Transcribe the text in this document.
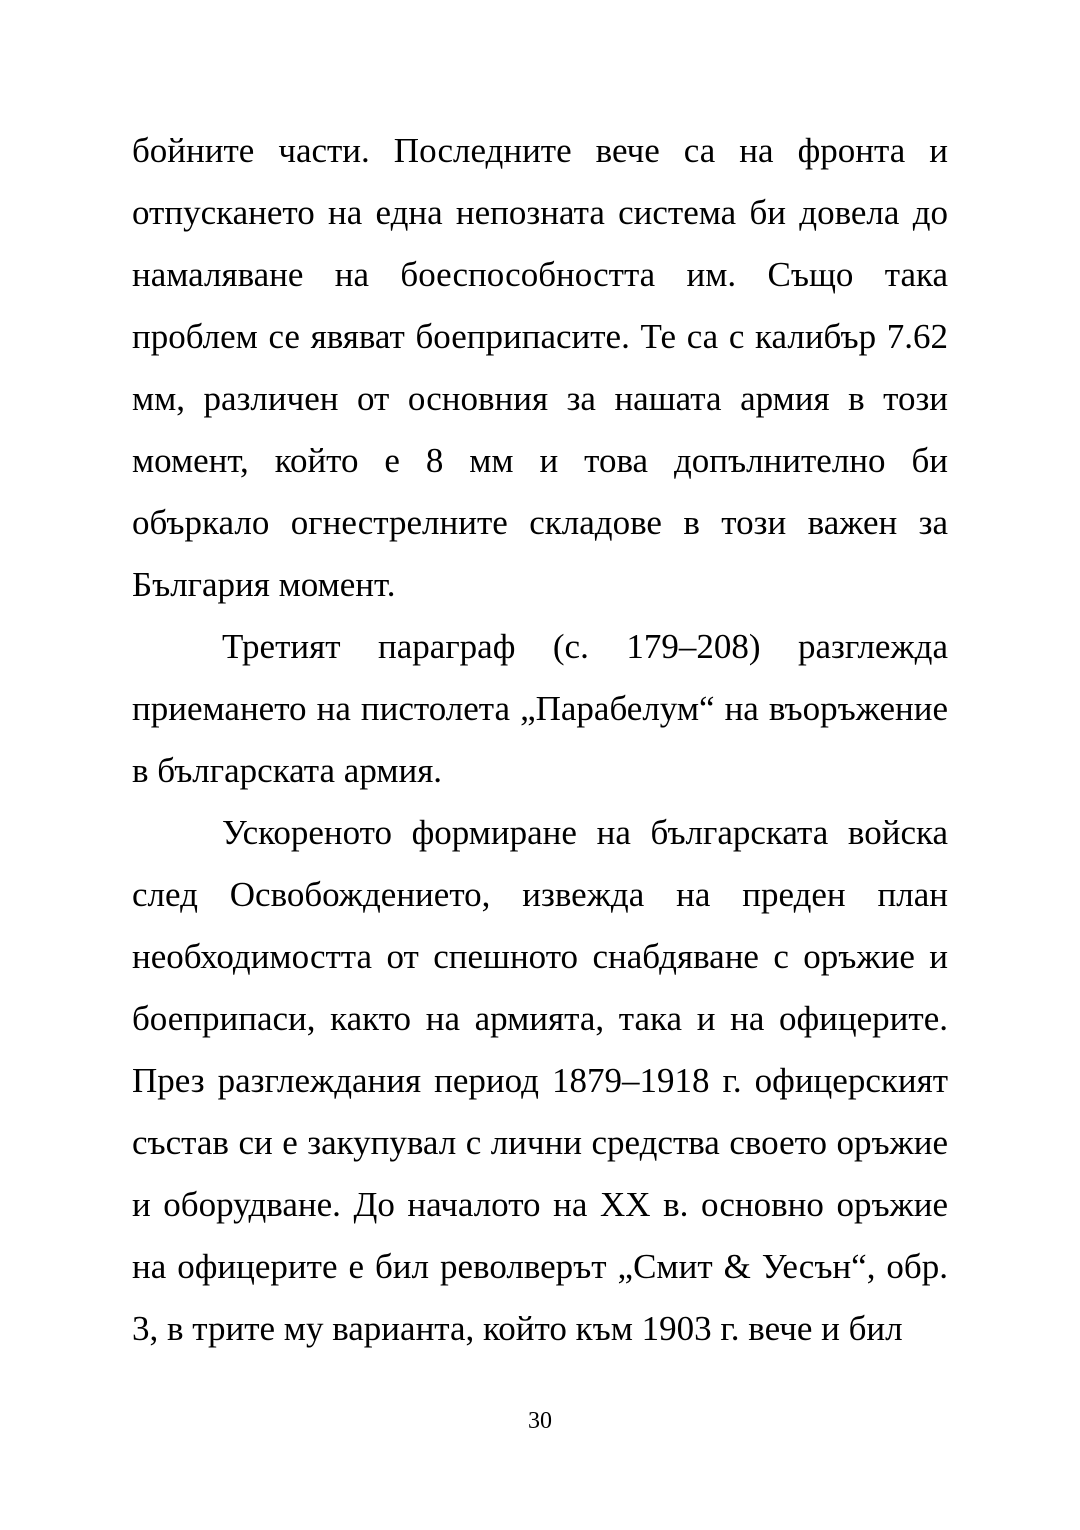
бойните части. Последните вече са на фронта и отпускането на една непозната система би довела до намаляване на боеспособността им. Също така проблем се явяват боеприпасите. Те са с калибър 7.62 мм, различен от основния за нашата армия в този момент, който е 8 мм и това допълнително би объркало огнестрелните складове в този важен за България момент.

Третият параграф (с. 179–208) разглежда приемането на пистолета „Парабелум“ на въоръжение в българската армия.

Ускореното формиране на българската войска след Освобождението, извежда на преден план необходимостта от спешното снабдяване с оръжие и боеприпаси, както на армията, така и на офицерите. През разглеждания период 1879–1918 г. офицерският състав си е закупувал с лични средства своето оръжие и оборудване. До началото на XX в. основно оръжие на офицерите е бил револверът „Смит & Уесън“, обр. 3, в трите му варианта, който към 1903 г. вече и бил

30
